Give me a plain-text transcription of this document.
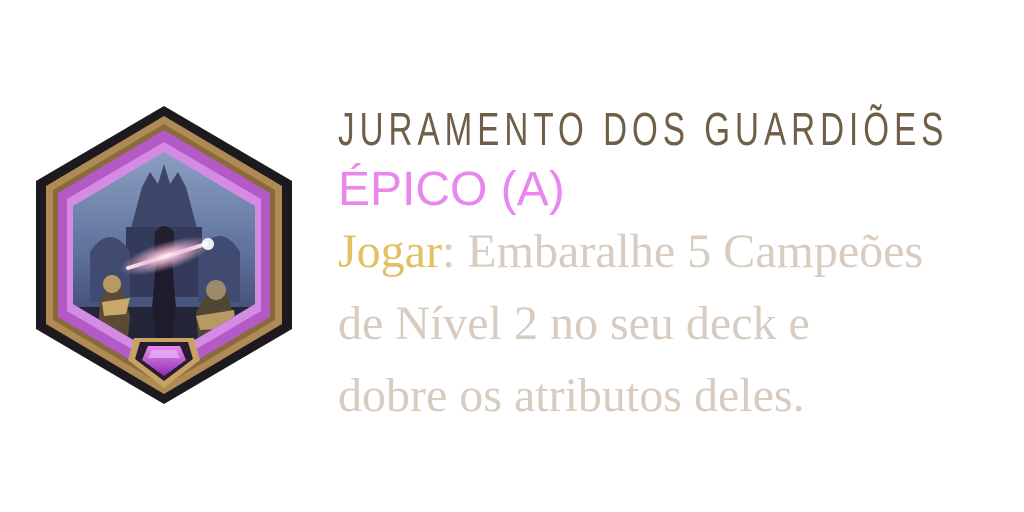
JURAMENTO DOS GUARDIÕES
ÉPICO (A)
Jogar: Embaralhe 5 Campeões
de Nível 2 no seu deck e
dobre os atributos deles.
